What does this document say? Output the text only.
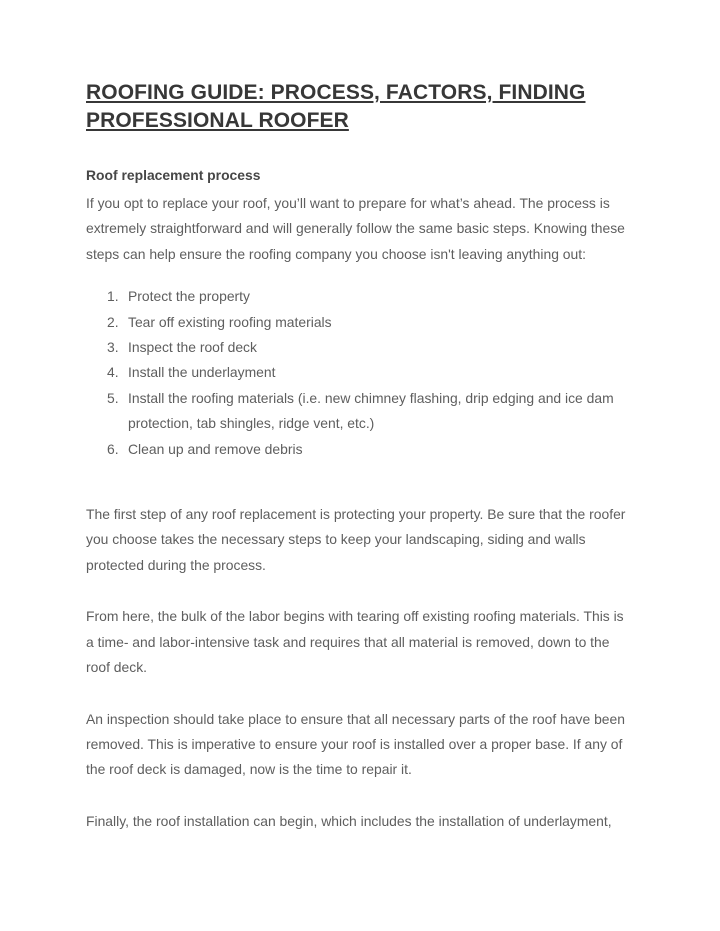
ROOFING GUIDE: PROCESS, FACTORS, FINDING PROFESSIONAL ROOFER
Roof replacement process

If you opt to replace your roof, you’ll want to prepare for what’s ahead. The process is extremely straightforward and will generally follow the same basic steps. Knowing these steps can help ensure the roofing company you choose isn't leaving anything out:

Protect the property
Tear off existing roofing materials
Inspect the roof deck
Install the underlayment
Install the roofing materials (i.e. new chimney flashing, drip edging and ice dam protection, tab shingles, ridge vent, etc.)
Clean up and remove debris

The first step of any roof replacement is protecting your property. Be sure that the roofer you choose takes the necessary steps to keep your landscaping, siding and walls protected during the process.

From here, the bulk of the labor begins with tearing off existing roofing materials. This is a time- and labor-intensive task and requires that all material is removed, down to the roof deck.

An inspection should take place to ensure that all necessary parts of the roof have been removed. This is imperative to ensure your roof is installed over a proper base. If any of the roof deck is damaged, now is the time to repair it.

Finally, the roof installation can begin, which includes the installation of underlayment,
